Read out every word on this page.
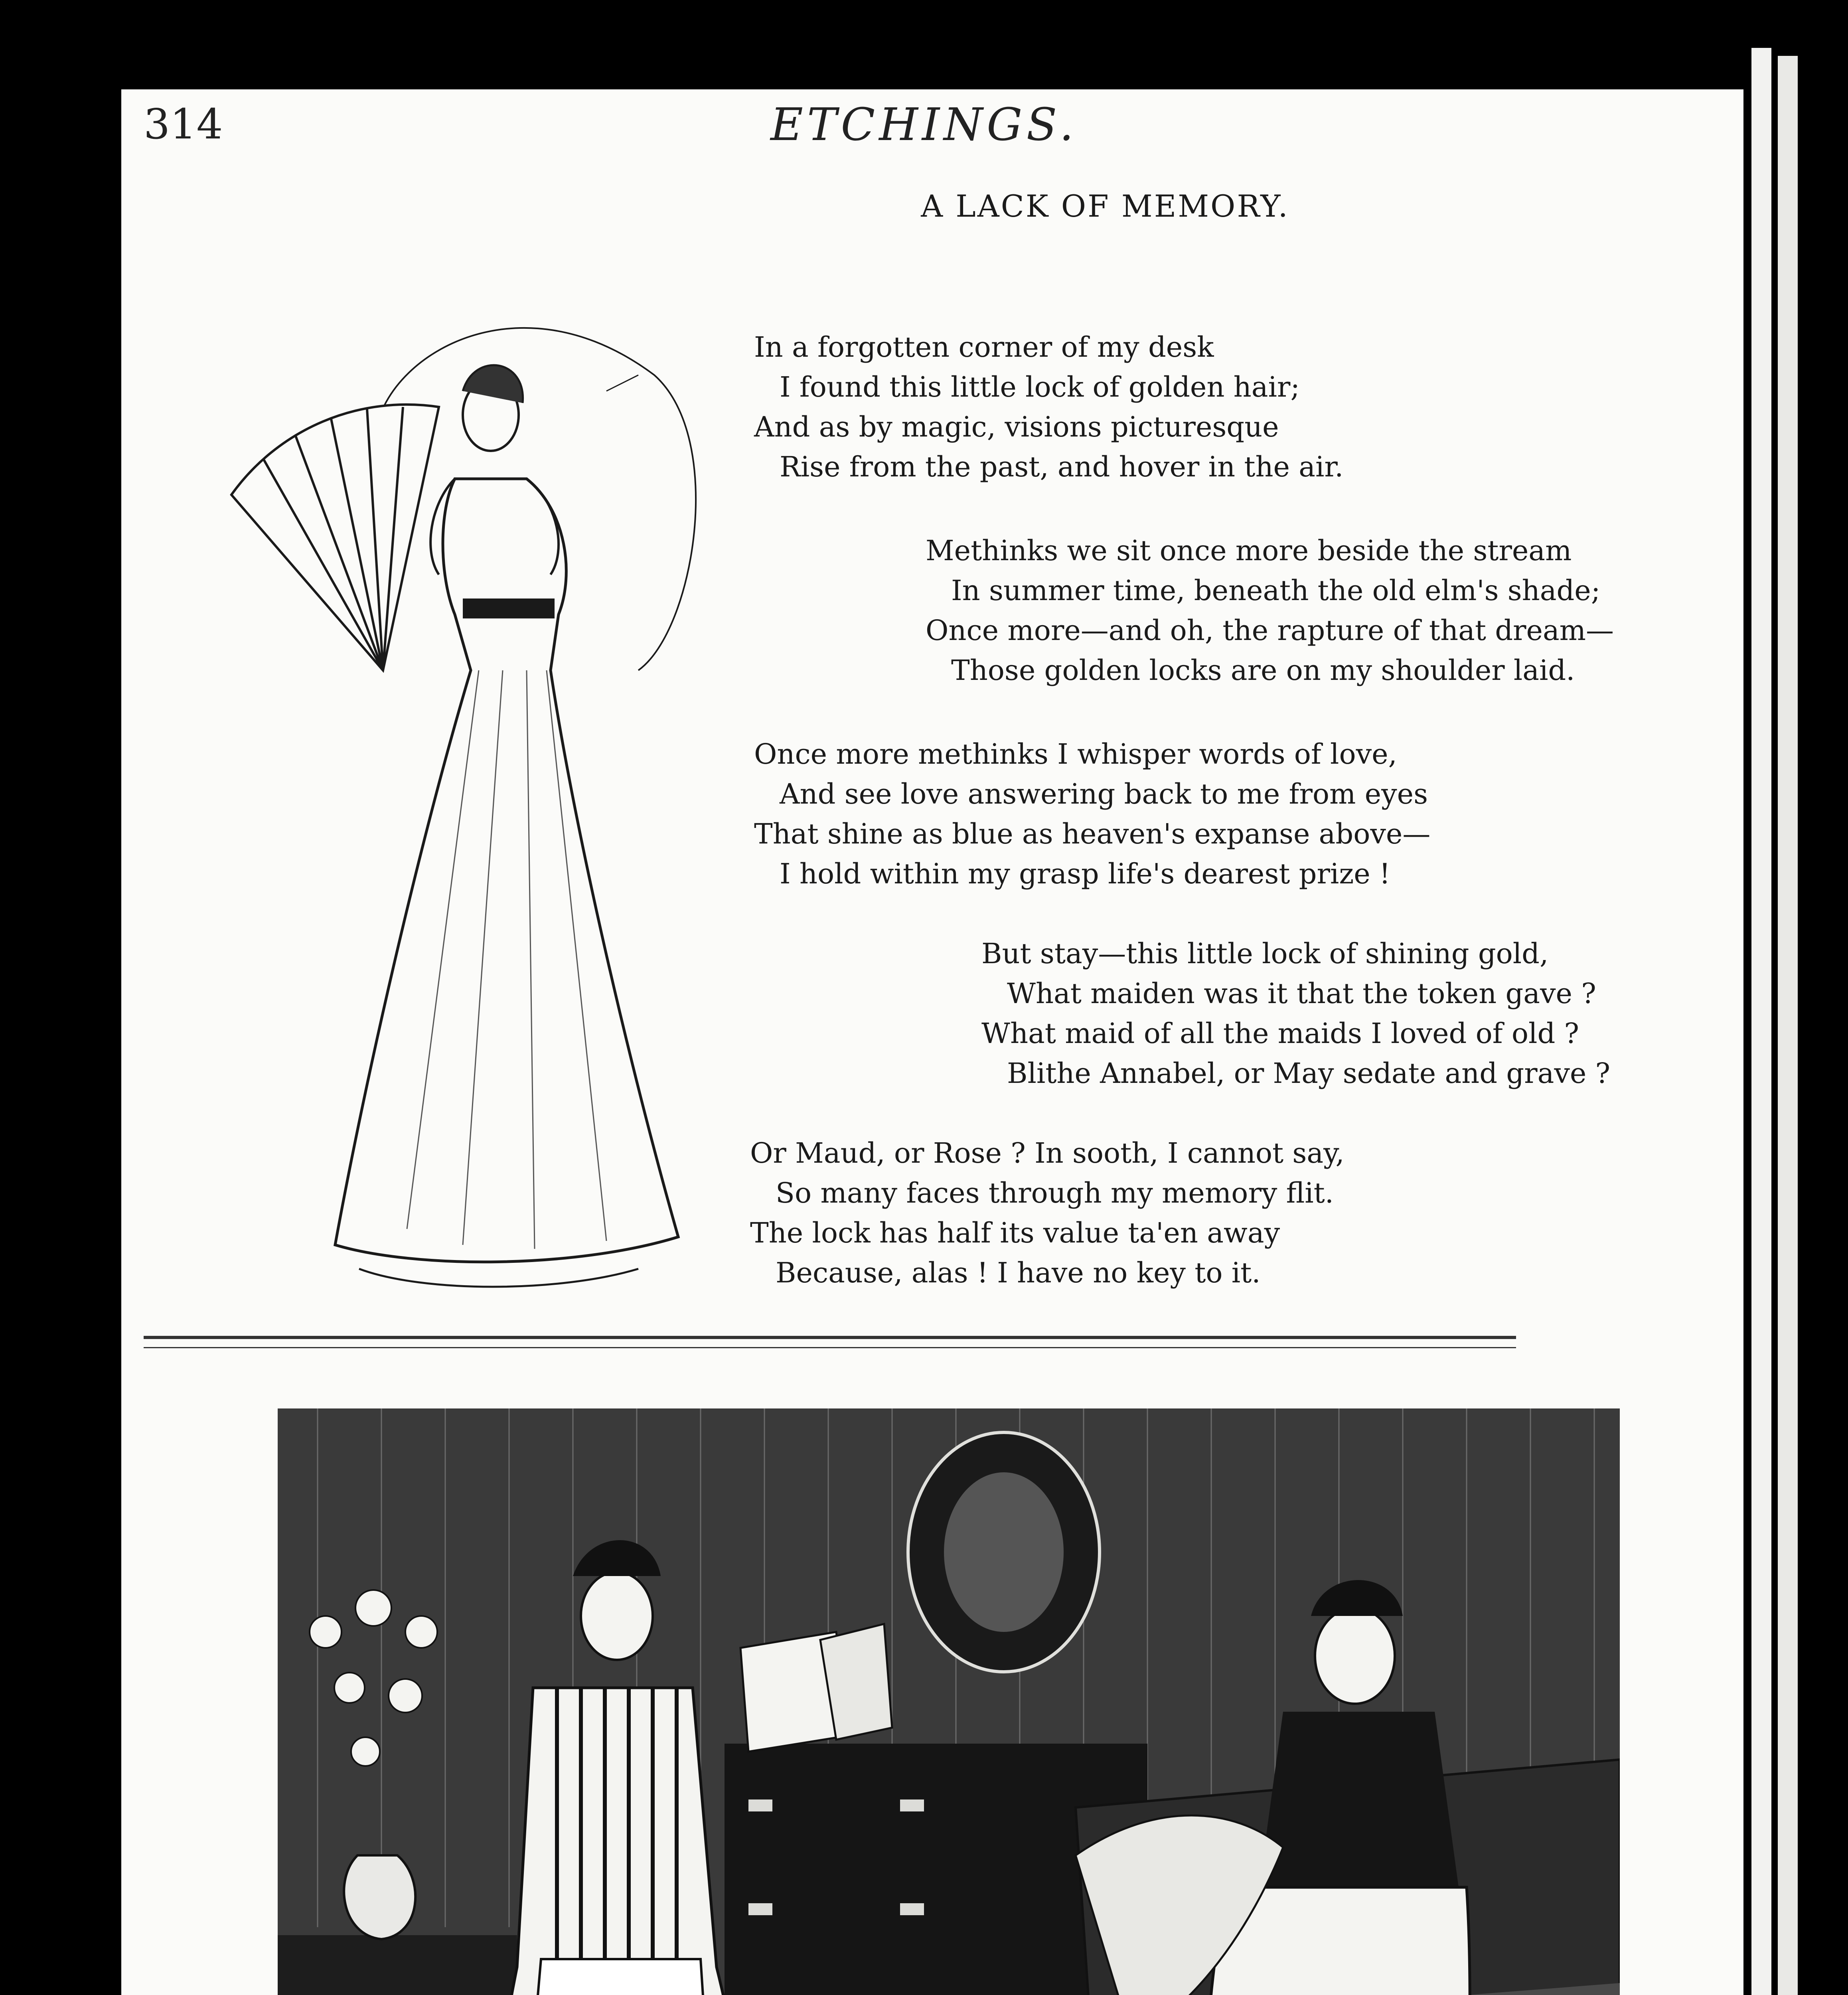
314	ETCHINGS.
A LACK OF MEMORY.
In a forgotten corner of my desk
I found this little lock of golden hair;
And as by magic, visions picturesque
Rise from the past, and hover in the air.
Methinks we sit once more beside the stream
In summer time, beneath the old elm's shade;
Once more—and oh, the rapture of that dream—
Those golden locks are on my shoulder laid.
Once more methinks I whisper words of love,
And see love answering back to me from eyes
That shine as blue as heaven's expanse above—
I hold within my grasp life's dearest prize !
But stay—this little lock of shining gold,
What maiden was it that the token gave ?
What maid of all the maids I loved of old ?
Blithe Annabel, or May sedate and grave ?
Or Maud, or Rose ? In sooth, I cannot say,
So many faces through my memory flit.
The lock has half its value ta'en away
Because, alas ! I have no key to it.
